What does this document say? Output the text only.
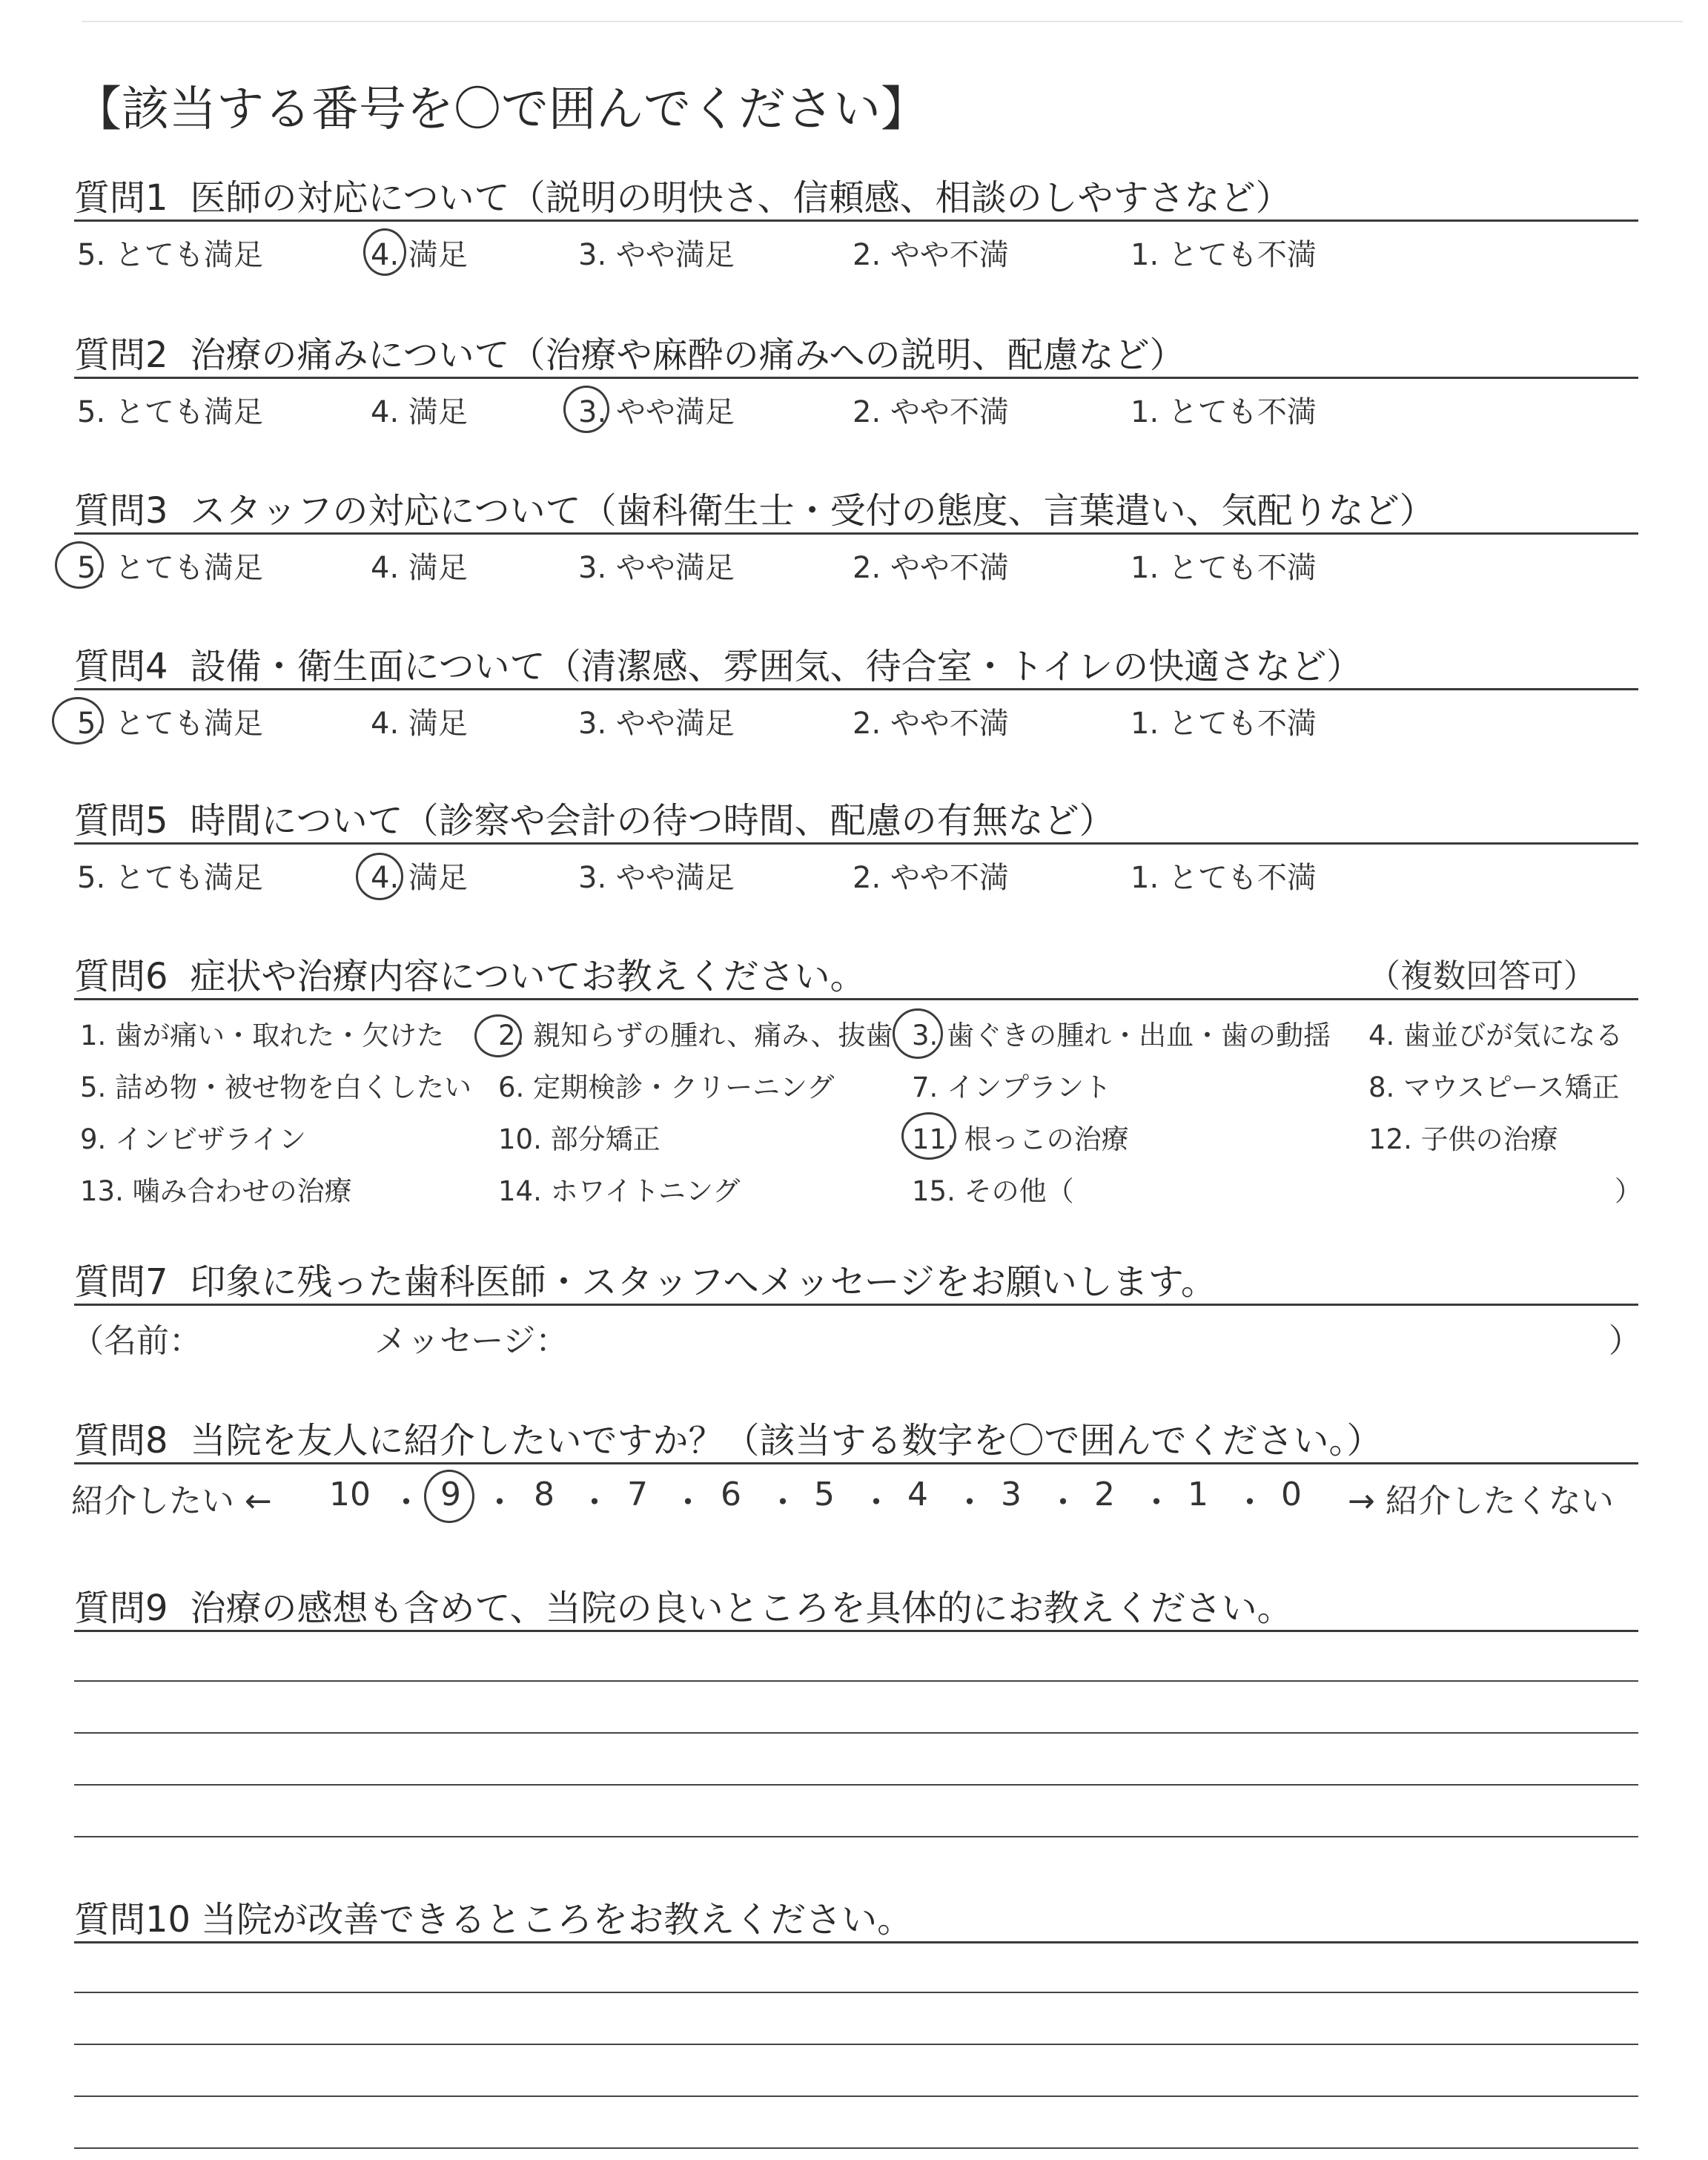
【該当する番号を〇で囲んでください】
質問1 医師の対応について（説明の明快さ、信頼感、相談のしやすさなど）
5. とても満足	4. 満足	3. やや満足	2. やや不満	1. とても不満
質問2 治療の痛みについて（治療や麻酔の痛みへの説明、配慮など）
5. とても満足	4. 満足	3. やや満足	2. やや不満	1. とても不満
質問3 スタッフの対応について（歯科衛生士・受付の態度、言葉遣い、気配りなど）
5. とても満足	4. 満足	3. やや満足	2. やや不満	1. とても不満
質問4 設備・衛生面について（清潔感、雰囲気、待合室・トイレの快適さなど）
5. とても満足	4. 満足	3. やや満足	2. やや不満	1. とても不満
質問5 時間について（診察や会計の待つ時間、配慮の有無など）
5. とても満足	4. 満足	3. やや満足	2. やや不満	1. とても不満
質問6 症状や治療内容についてお教えください。	（複数回答可）
1. 歯が痛い・取れた・欠けた 2. 親知らずの腫れ、痛み、抜歯 3. 歯ぐきの腫れ・出血・歯の動揺 4. 歯並びが気になる
5. 詰め物・被せ物を白くしたい 6. 定期検診・クリーニング	7. インプラント	8. マウスピース矯正
9. インビザライン	10. 部分矯正	11. 根っこの治療	12. 子供の治療
13. 噛み合わせの治療	14. ホワイトニング	15. その他（	）
質問7 印象に残った歯科医師・スタッフへメッセージをお願いします。
（名前：	メッセージ：	）
質問8 当院を友人に紹介したいですか？（該当する数字を〇で囲んでください。）
紹介したい ←	→ 紹介したくない
10 ・ 9 ・ 8 ・ 7 ・ 6 ・ 5 ・ 4 ・ 3 ・ 2 ・ 1 ・ 0
質問9 治療の感想も含めて、当院の良いところを具体的にお教えください。
質問10 当院が改善できるところをお教えください。
